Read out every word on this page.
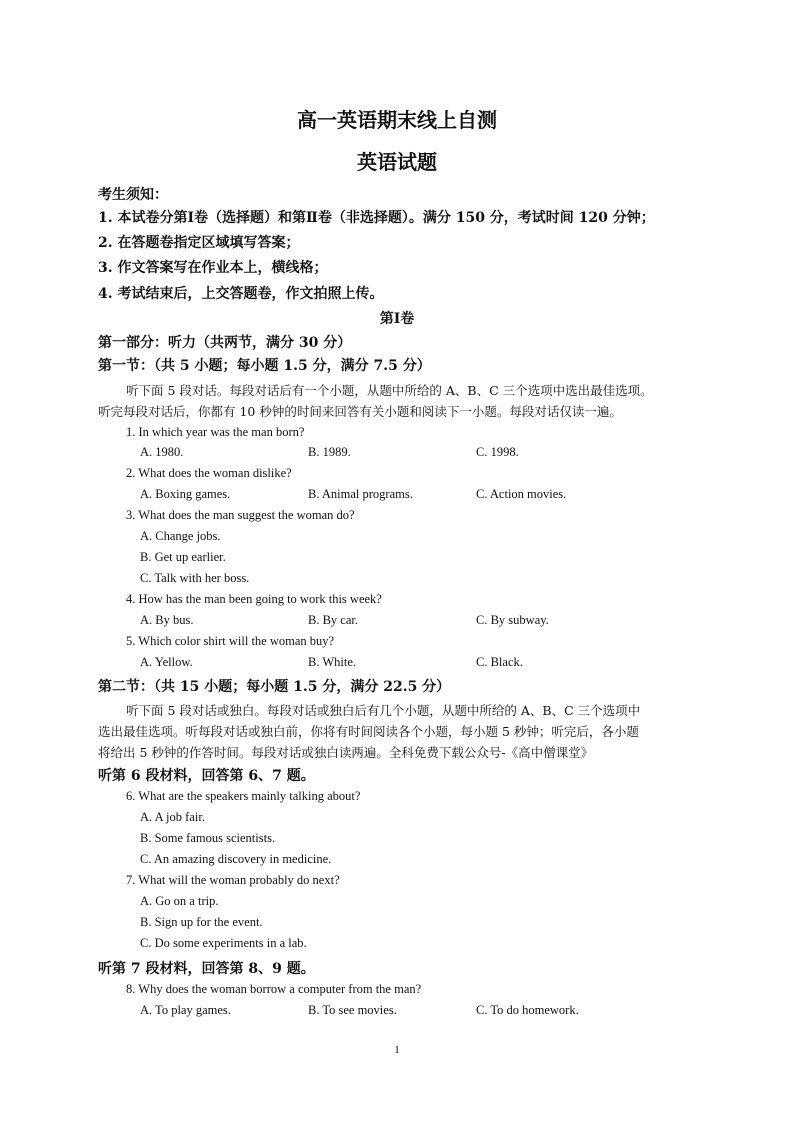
高一英语期末线上自测
英语试题
考生须知：
1. 本试卷分第Ⅰ卷（选择题）和第Ⅱ卷（非选择题）。满分 150 分，考试时间 120 分钟；
2. 在答题卷指定区域填写答案；
3. 作文答案写在作业本上，横线格；
4. 考试结束后，上交答题卷，作文拍照上传。
第Ⅰ卷
第一部分：听力（共两节，满分 30 分）
第一节：（共 5 小题；每小题 1.5 分，满分 7.5 分）
听下面 5 段对话。每段对话后有一个小题，从题中所给的 A、B、C 三个选项中选出最佳选项。
听完每段对话后，你都有 10 秒钟的时间来回答有关小题和阅读下一小题。每段对话仅读一遍。
1. In which year was the man born?
A. 1980.	B. 1989.	C. 1998.
2. What does the woman dislike?
A. Boxing games.	B. Animal programs.	C. Action movies.
3. What does the man suggest the woman do?
A. Change jobs.
B. Get up earlier.
C. Talk with her boss.
4. How has the man been going to work this week?
A. By bus.	B. By car.	C. By subway.
5. Which color shirt will the woman buy?
A. Yellow.	B. White.	C. Black.
第二节：（共 15 小题；每小题 1.5 分，满分 22.5 分）
听下面 5 段对话或独白。每段对话或独白后有几个小题，从题中所给的 A、B、C 三个选项中
选出最佳选项。听每段对话或独白前，你将有时间阅读各个小题，每小题 5 秒钟；听完后，各小题
将给出 5 秒钟的作答时间。每段对话或独白读两遍。全科免费下载公众号-《高中僧课堂》
听第 6 段材料，回答第 6、7 题。
6. What are the speakers mainly talking about?
A. A job fair.
B. Some famous scientists.
C. An amazing discovery in medicine.
7. What will the woman probably do next?
A. Go on a trip.
B. Sign up for the event.
C. Do some experiments in a lab.
听第 7 段材料，回答第 8、9 题。
8. Why does the woman borrow a computer from the man?
A. To play games.	B. To see movies.	C. To do homework.
1
